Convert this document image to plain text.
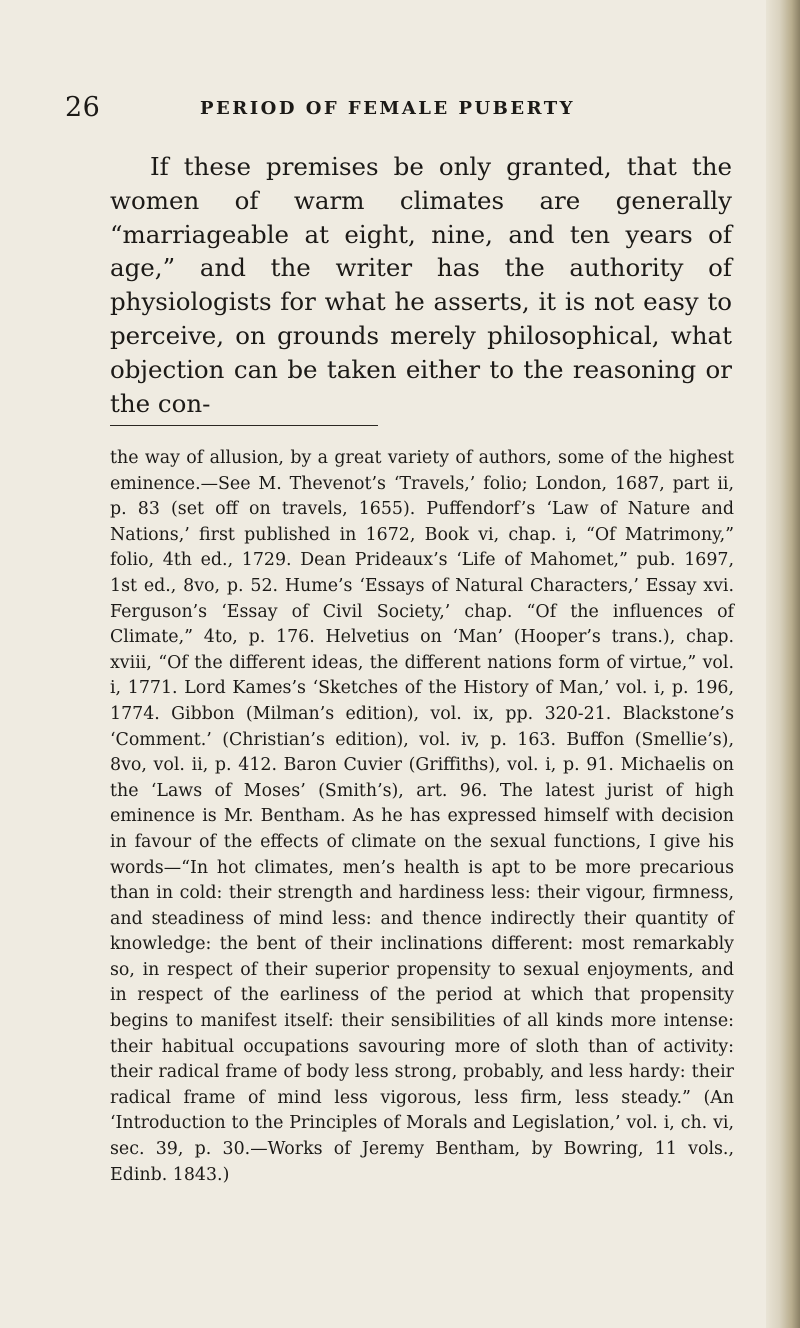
26	PERIOD OF FEMALE PUBERTY

If these premises be only granted, that the women of warm climates are generally “marriageable at eight, nine, and ten years of age,” and the writer has the authority of physiologists for what he asserts, it is not easy to perceive, on grounds merely philosophical, what objection can be taken either to the reasoning or the con-

the way of allusion, by a great variety of authors, some of the highest eminence.—See M. Thevenot’s ‘Travels,’ folio; London, 1687, part ii, p. 83 (set off on travels, 1655). Puffendorf’s ‘Law of Nature and Nations,’ first published in 1672, Book vi, chap. i, “Of Matrimony,” folio, 4th ed., 1729. Dean Prideaux’s ‘Life of Mahomet,” pub. 1697, 1st ed., 8vo, p. 52. Hume’s ‘Essays of Natural Characters,’ Essay xvi. Ferguson’s ‘Essay of Civil Society,’ chap. “Of the influences of Climate,” 4to, p. 176. Helvetius on ‘Man’ (Hooper’s trans.), chap. xviii, “Of the different ideas, the different nations form of virtue,” vol. i, 1771. Lord Kames’s ‘Sketches of the History of Man,’ vol. i, p. 196, 1774. Gibbon (Milman’s edition), vol. ix, pp. 320-21. Blackstone’s ‘Comment.’ (Christian’s edition), vol. iv, p. 163. Buffon (Smellie’s), 8vo, vol. ii, p. 412. Baron Cuvier (Griffiths), vol. i, p. 91. Michaelis on the ‘Laws of Moses’ (Smith’s), art. 96. The latest jurist of high eminence is Mr. Bentham. As he has expressed himself with decision in favour of the effects of climate on the sexual functions, I give his words—“In hot climates, men’s health is apt to be more precarious than in cold: their strength and hardiness less: their vigour, firmness, and steadiness of mind less: and thence indirectly their quantity of knowledge: the bent of their inclinations different: most remarkably so, in respect of their superior propensity to sexual enjoyments, and in respect of the earliness of the period at which that propensity begins to manifest itself: their sensibilities of all kinds more intense: their habitual occupations savouring more of sloth than of activity: their radical frame of body less strong, probably, and less hardy: their radical frame of mind less vigorous, less firm, less steady.” (An ‘Introduction to the Principles of Morals and Legislation,’ vol. i, ch. vi, sec. 39, p. 30.—Works of Jeremy Bentham, by Bowring, 11 vols., Edinb. 1843.)
